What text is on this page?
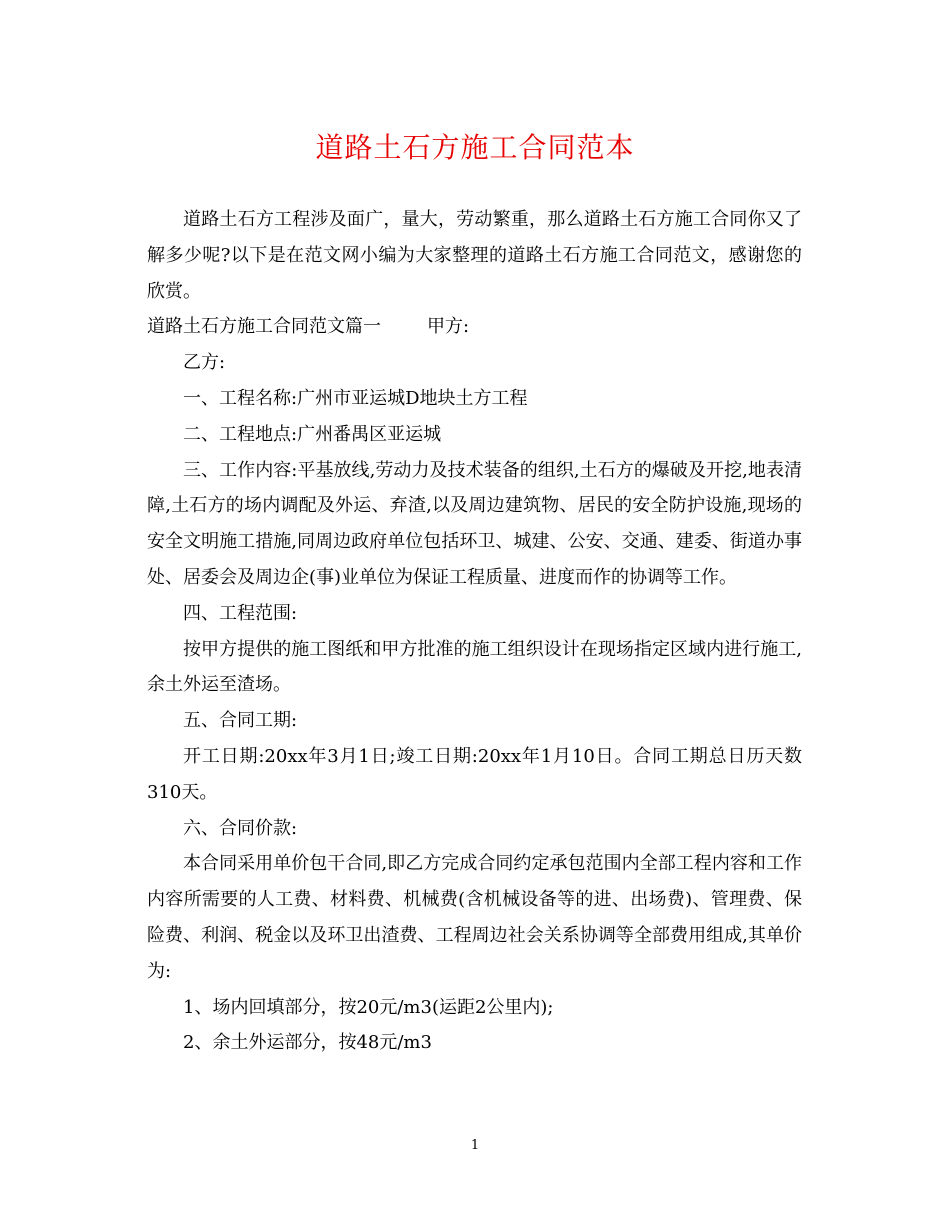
道路土石方施工合同范本

道路土石方工程涉及面广，量大，劳动繁重，那么道路土石方施工合同你又了解多少呢?以下是在范文网小编为大家整理的道路土石方施工合同范文，感谢您的欣赏。

道路土石方施工合同范文篇一	甲方:

乙方:

一、工程名称:广州市亚运城D地块土方工程

二、工程地点:广州番禺区亚运城

三、工作内容:平基放线,劳动力及技术装备的组织,土石方的爆破及开挖,地表清障,土石方的场内调配及外运、弃渣,以及周边建筑物、居民的安全防护设施,现场的安全文明施工措施,同周边政府单位包括环卫、城建、公安、交通、建委、街道办事处、居委会及周边企(事)业单位为保证工程质量、进度而作的协调等工作。

四、工程范围:

按甲方提供的施工图纸和甲方批准的施工组织设计在现场指定区域内进行施工,余土外运至渣场。

五、合同工期:

开工日期:20xx年3月1日;竣工日期:20xx年1月10日。合同工期总日历天数310天。

六、合同价款:

本合同采用单价包干合同,即乙方完成合同约定承包范围内全部工程内容和工作内容所需要的人工费、材料费、机械费(含机械设备等的进、出场费)、管理费、保险费、利润、税金以及环卫出渣费、工程周边社会关系协调等全部费用组成,其单价为:

1、场内回填部分，按20元/m3(运距2公里内);

2、余土外运部分，按48元/m3

1
